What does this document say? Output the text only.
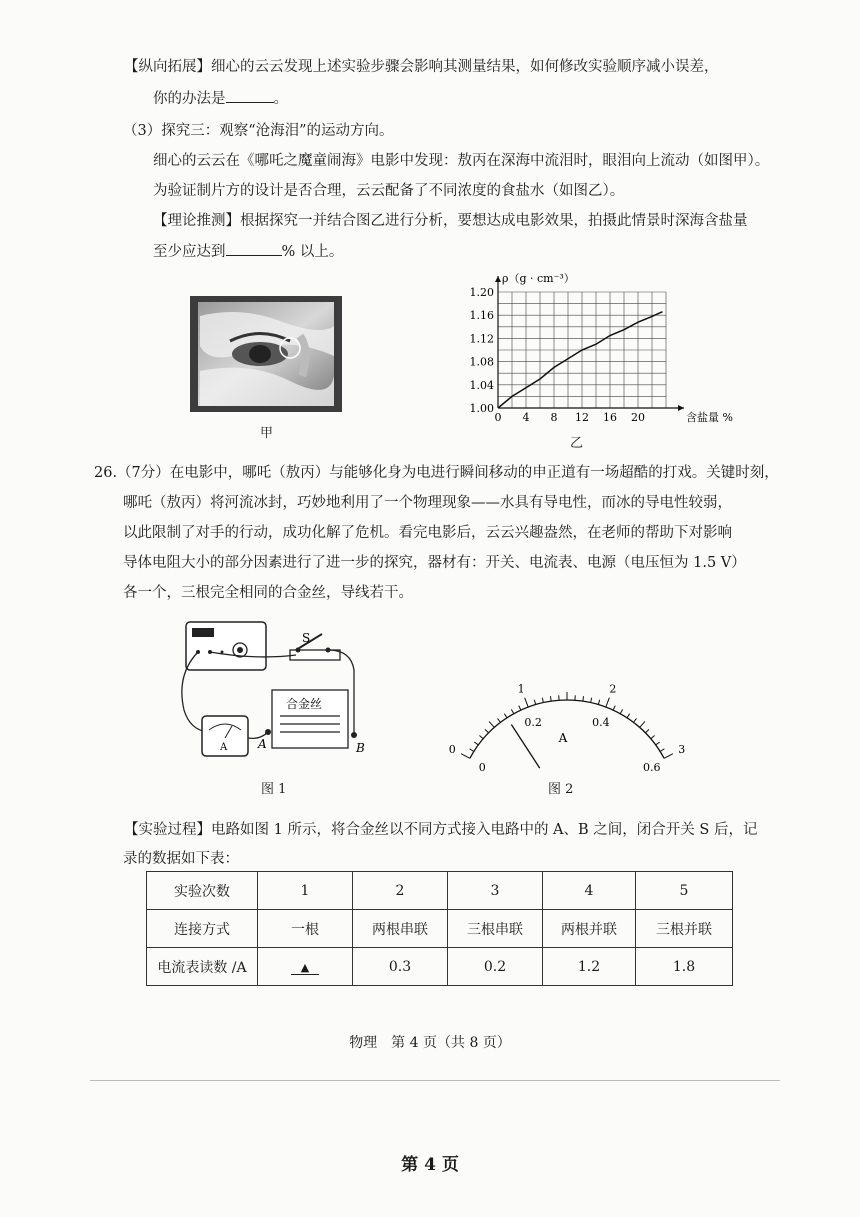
【纵向拓展】细心的云云发现上述实验步骤会影响其测量结果，如何修改实验顺序减小误差，
你的办法是	。
（3）探究三：观察“沧海泪”的运动方向。
细心的云云在《哪吒之魔童闹海》电影中发现：敖丙在深海中流泪时，眼泪向上流动（如图甲）。
为验证制片方的设计是否合理，云云配备了不同浓度的食盐水（如图乙）。
【理论推测】根据探究一并结合图乙进行分析，要想达成电影效果，拍摄此情景时深海含盐量
至少应达到	% 以上。
甲
0 4 8 12 16 20
1.00
1.04
1.08
1.12
1.16
1.20
ρ（g · cm⁻³）
含盐量 %
乙
26.（7分）在电影中，哪吒（敖丙）与能够化身为电进行瞬间移动的申正道有一场超酷的打戏。关键时刻，
哪吒（敖丙）将河流冰封，巧妙地利用了一个物理现象——水具有导电性，而冰的导电性较弱，
以此限制了对手的行动，成功化解了危机。看完电影后，云云兴趣盎然，在老师的帮助下对影响
导体电阻大小的部分因素进行了进一步的探究，器材有：开关、电流表、电源（电压恒为 1.5 V）
各一个，三根完全相同的合金丝，导线若干。
S
A
合金丝
A	B
图 1
0
1	2
3
0
0.2	0.4
0.6
A
图 2
【实验过程】电路如图 1 所示，将合金丝以不同方式接入电路中的 A、B 之间，闭合开关 S 后，记
录的数据如下表：
实验次数	1	2	3	4	5
连接方式	一根	两根串联	三根串联	两根并联	三根并联
电流表读数 /A	▲	0.3	0.2	1.2	1.8
物理　第 4 页（共 8 页）
第 4 页
